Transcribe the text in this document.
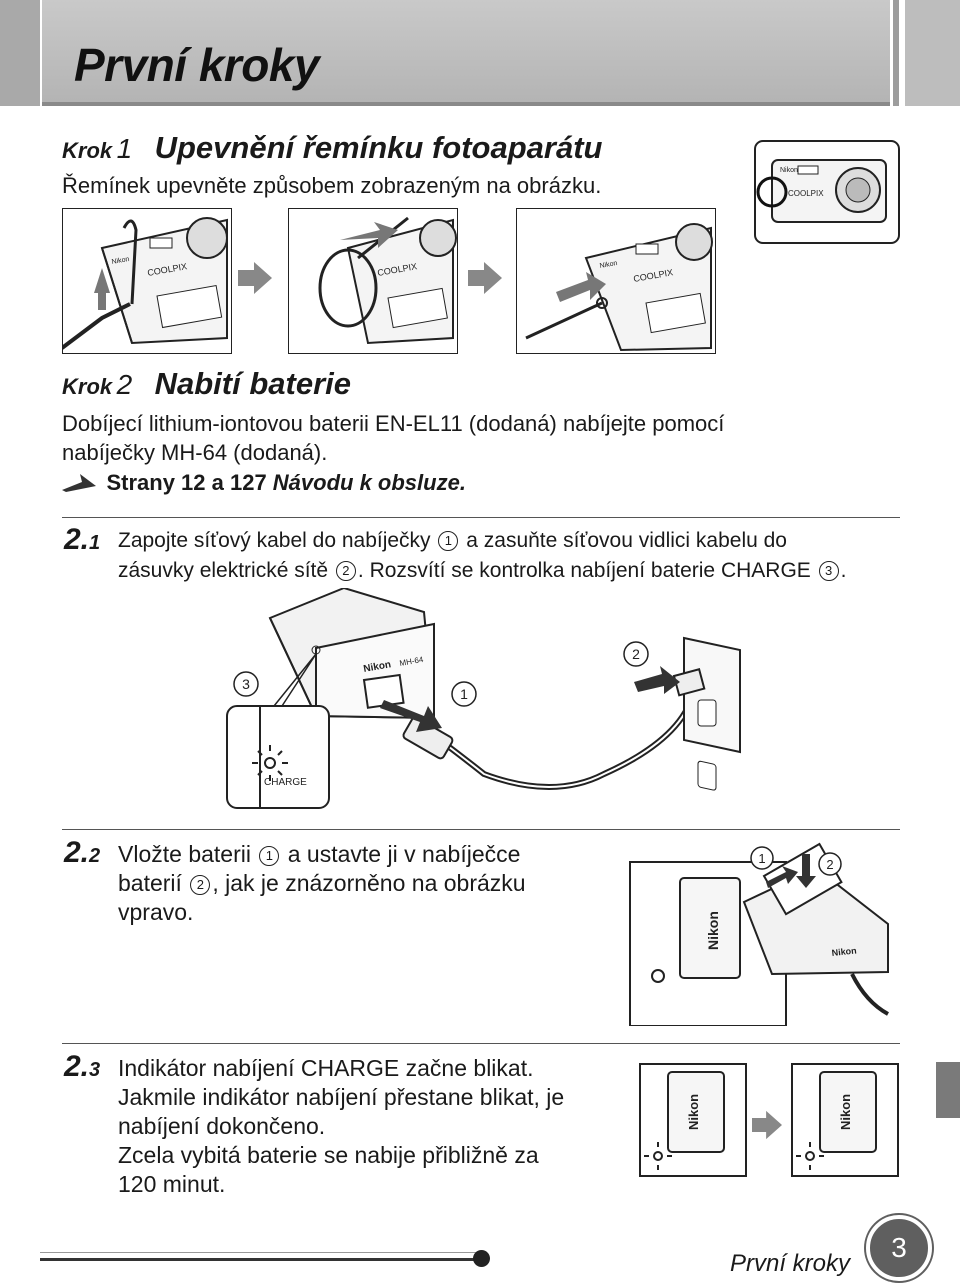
První kroky
Krok 1 Upevnění řemínku fotoaparátu
Řemínek upevněte způsobem zobrazeným na obrázku.
COOLPIX
Nikon
COOLPIX	COOLPIX
Nikon
Nikon
COOLPIX
Krok 2 Nabití baterie
Dobíjecí lithium-iontovou baterii EN-EL11 (dodaná) nabíjejte pomocí
nabíječky MH-64 (dodaná).
Strany 12 a 127 Návodu k obsluze.
2.1 Zapojte síťový kabel do nabíječky 1 a zasuňte síťovou vidlici kabelu do
zásuvky elektrické sítě 2 . Rozsvítí se kontrolka nabíjení baterie CHARGE 3 .
Nikon MH-64
3
1
2
CHARGE
2.2 Vložte baterii 1 a ustavte ji v nabíječce
baterií 2 , jak je znázorněno na obrázku
vpravo.	Nikon
Nikon
1	2
2.3 Indikátor nabíjení CHARGE začne blikat.
Jakmile indikátor nabíjení přestane blikat, je
nabíjení dokončeno.
Zcela vybitá baterie se nabije přibližně za
120 minut.
Nikon	Nikon
První kroky
3
